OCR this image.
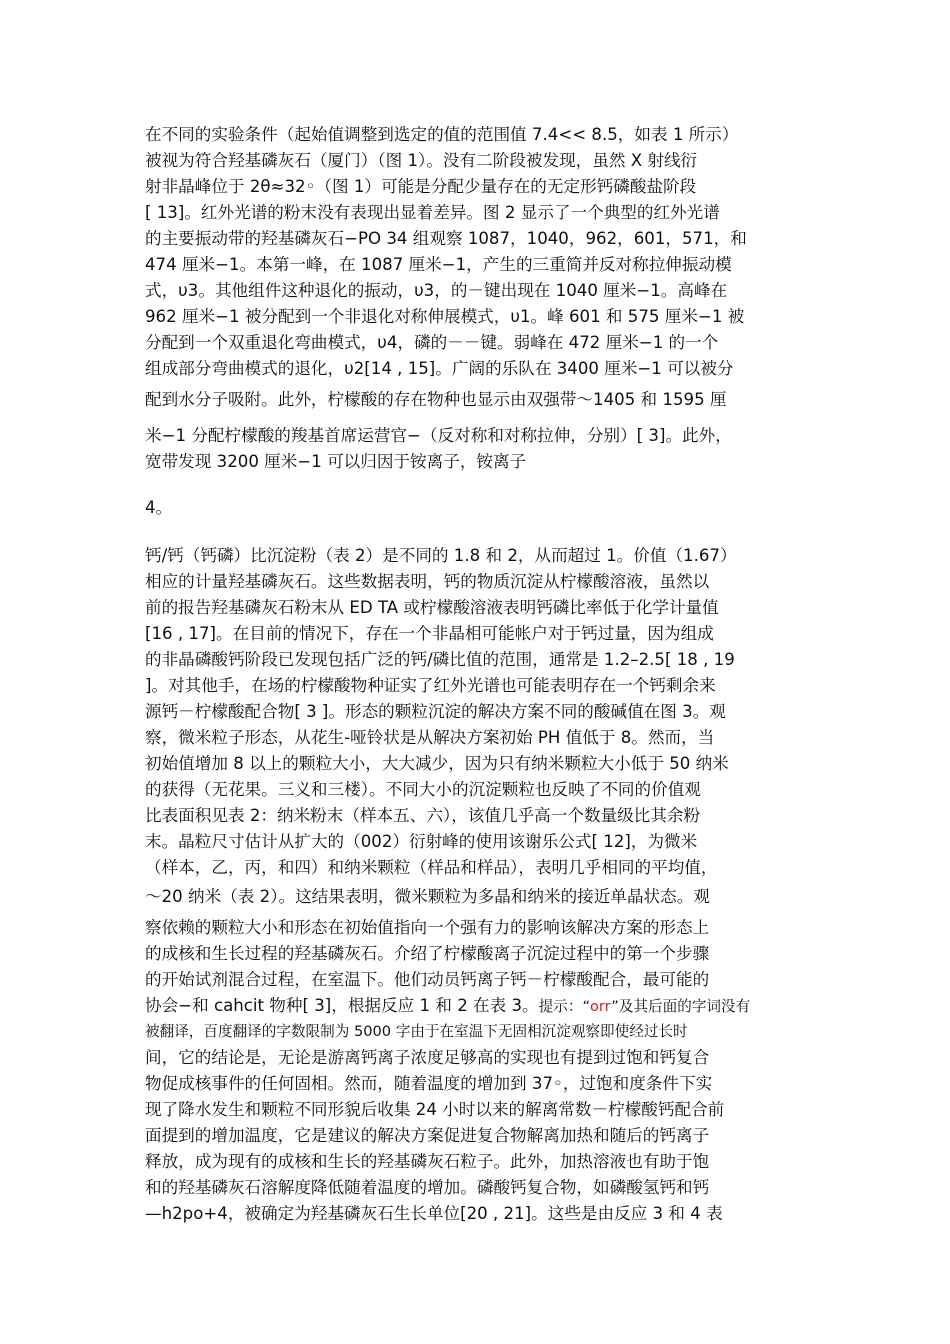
在不同的实验条件（起始值调整到选定的值的范围值 7.4<< 8.5，如表 1 所示）
被视为符合羟基磷灰石（厦门）（图 1）。没有二阶段被发现，虽然 X 射线衍
射非晶峰位于 2θ≈32◦（图 1）可能是分配少量存在的无定形钙磷酸盐阶段
[ 13]。红外光谱的粉末没有表现出显着差异。图 2 显示了一个典型的红外光谱
的主要振动带的羟基磷灰石−PO 34 组观察 1087，1040，962，601，571，和
474 厘米−1。本第一峰，在 1087 厘米−1，产生的三重简并反对称拉伸振动模
式，υ3。其他组件这种退化的振动，υ3，的－键出现在 1040 厘米−1。高峰在
962 厘米−1 被分配到一个非退化对称伸展模式，υ1。峰 601 和 575 厘米−1 被
分配到一个双重退化弯曲模式，υ4，磷的－－键。弱峰在 472 厘米−1 的一个
组成部分弯曲模式的退化，υ2[14 , 15]。广阔的乐队在 3400 厘米−1 可以被分
配到水分子吸附。此外，柠檬酸的存在物种也显示由双强带～1405 和 1595 厘
米−1 分配柠檬酸的羧基首席运营官−（反对称和对称拉伸，分别）[ 3]。此外，
宽带发现 3200 厘米−1 可以归因于铵离子，铵离子
4。
钙/钙（钙磷）比沉淀粉（表 2）是不同的 1.8 和 2，从而超过 1。价值（1.67）
相应的计量羟基磷灰石。这些数据表明，钙的物质沉淀从柠檬酸溶液，虽然以
前的报告羟基磷灰石粉末从 ED TA 或柠檬酸溶液表明钙磷比率低于化学计量值
[16 , 17]。在目前的情况下，存在一个非晶相可能帐户对于钙过量，因为组成
的非晶磷酸钙阶段已发现包括广泛的钙/磷比值的范围，通常是 1.2–2.5[ 18 , 19
]。对其他手，在场的柠檬酸物种证实了红外光谱也可能表明存在一个钙剩余来
源钙－柠檬酸配合物[ 3 ]。形态的颗粒沉淀的解决方案不同的酸碱值在图 3。观
察，微米粒子形态，从花生-哑铃状是从解决方案初始 PH 值低于 8。然而，当
初始值增加 8 以上的颗粒大小，大大减少，因为只有纳米颗粒大小低于 50 纳米
的获得（无花果。三义和三楼）。不同大小的沉淀颗粒也反映了不同的价值观
比表面积见表 2：纳米粉末（样本五、六），该值几乎高一个数量级比其余粉
末。晶粒尺寸估计从扩大的（002）衍射峰的使用该谢乐公式[ 12]，为微米
（样本，乙，丙，和四）和纳米颗粒（样品和样品），表明几乎相同的平均值，
～20 纳米（表 2）。这结果表明，微米颗粒为多晶和纳米的接近单晶状态。观
察依赖的颗粒大小和形态在初始值指向一个强有力的影响该解决方案的形态上
的成核和生长过程的羟基磷灰石。介绍了柠檬酸离子沉淀过程中的第一个步骤
的开始试剂混合过程，在室温下。他们动员钙离子钙－柠檬酸配合，最可能的
协会−和 cahcit 物种[ 3]，根据反应 1 和 2 在表 3。提示：“orr”及其后面的字词没有
被翻译，百度翻译的字数限制为 5000 字由于在室温下无固相沉淀观察即使经过长时
间，它的结论是，无论是游离钙离子浓度足够高的实现也有提到过饱和钙复合
物促成核事件的任何固相。然而，随着温度的增加到 37◦，过饱和度条件下实
现了降水发生和颗粒不同形貌后收集 24 小时以来的解离常数－柠檬酸钙配合前
面提到的增加温度，它是建议的解决方案促进复合物解离加热和随后的钙离子
释放，成为现有的成核和生长的羟基磷灰石粒子。此外，加热溶液也有助于饱
和的羟基磷灰石溶解度降低随着温度的增加。磷酸钙复合物，如磷酸氢钙和钙
—h2po+4，被确定为羟基磷灰石生长单位[20 , 21]。这些是由反应 3 和 4 表
